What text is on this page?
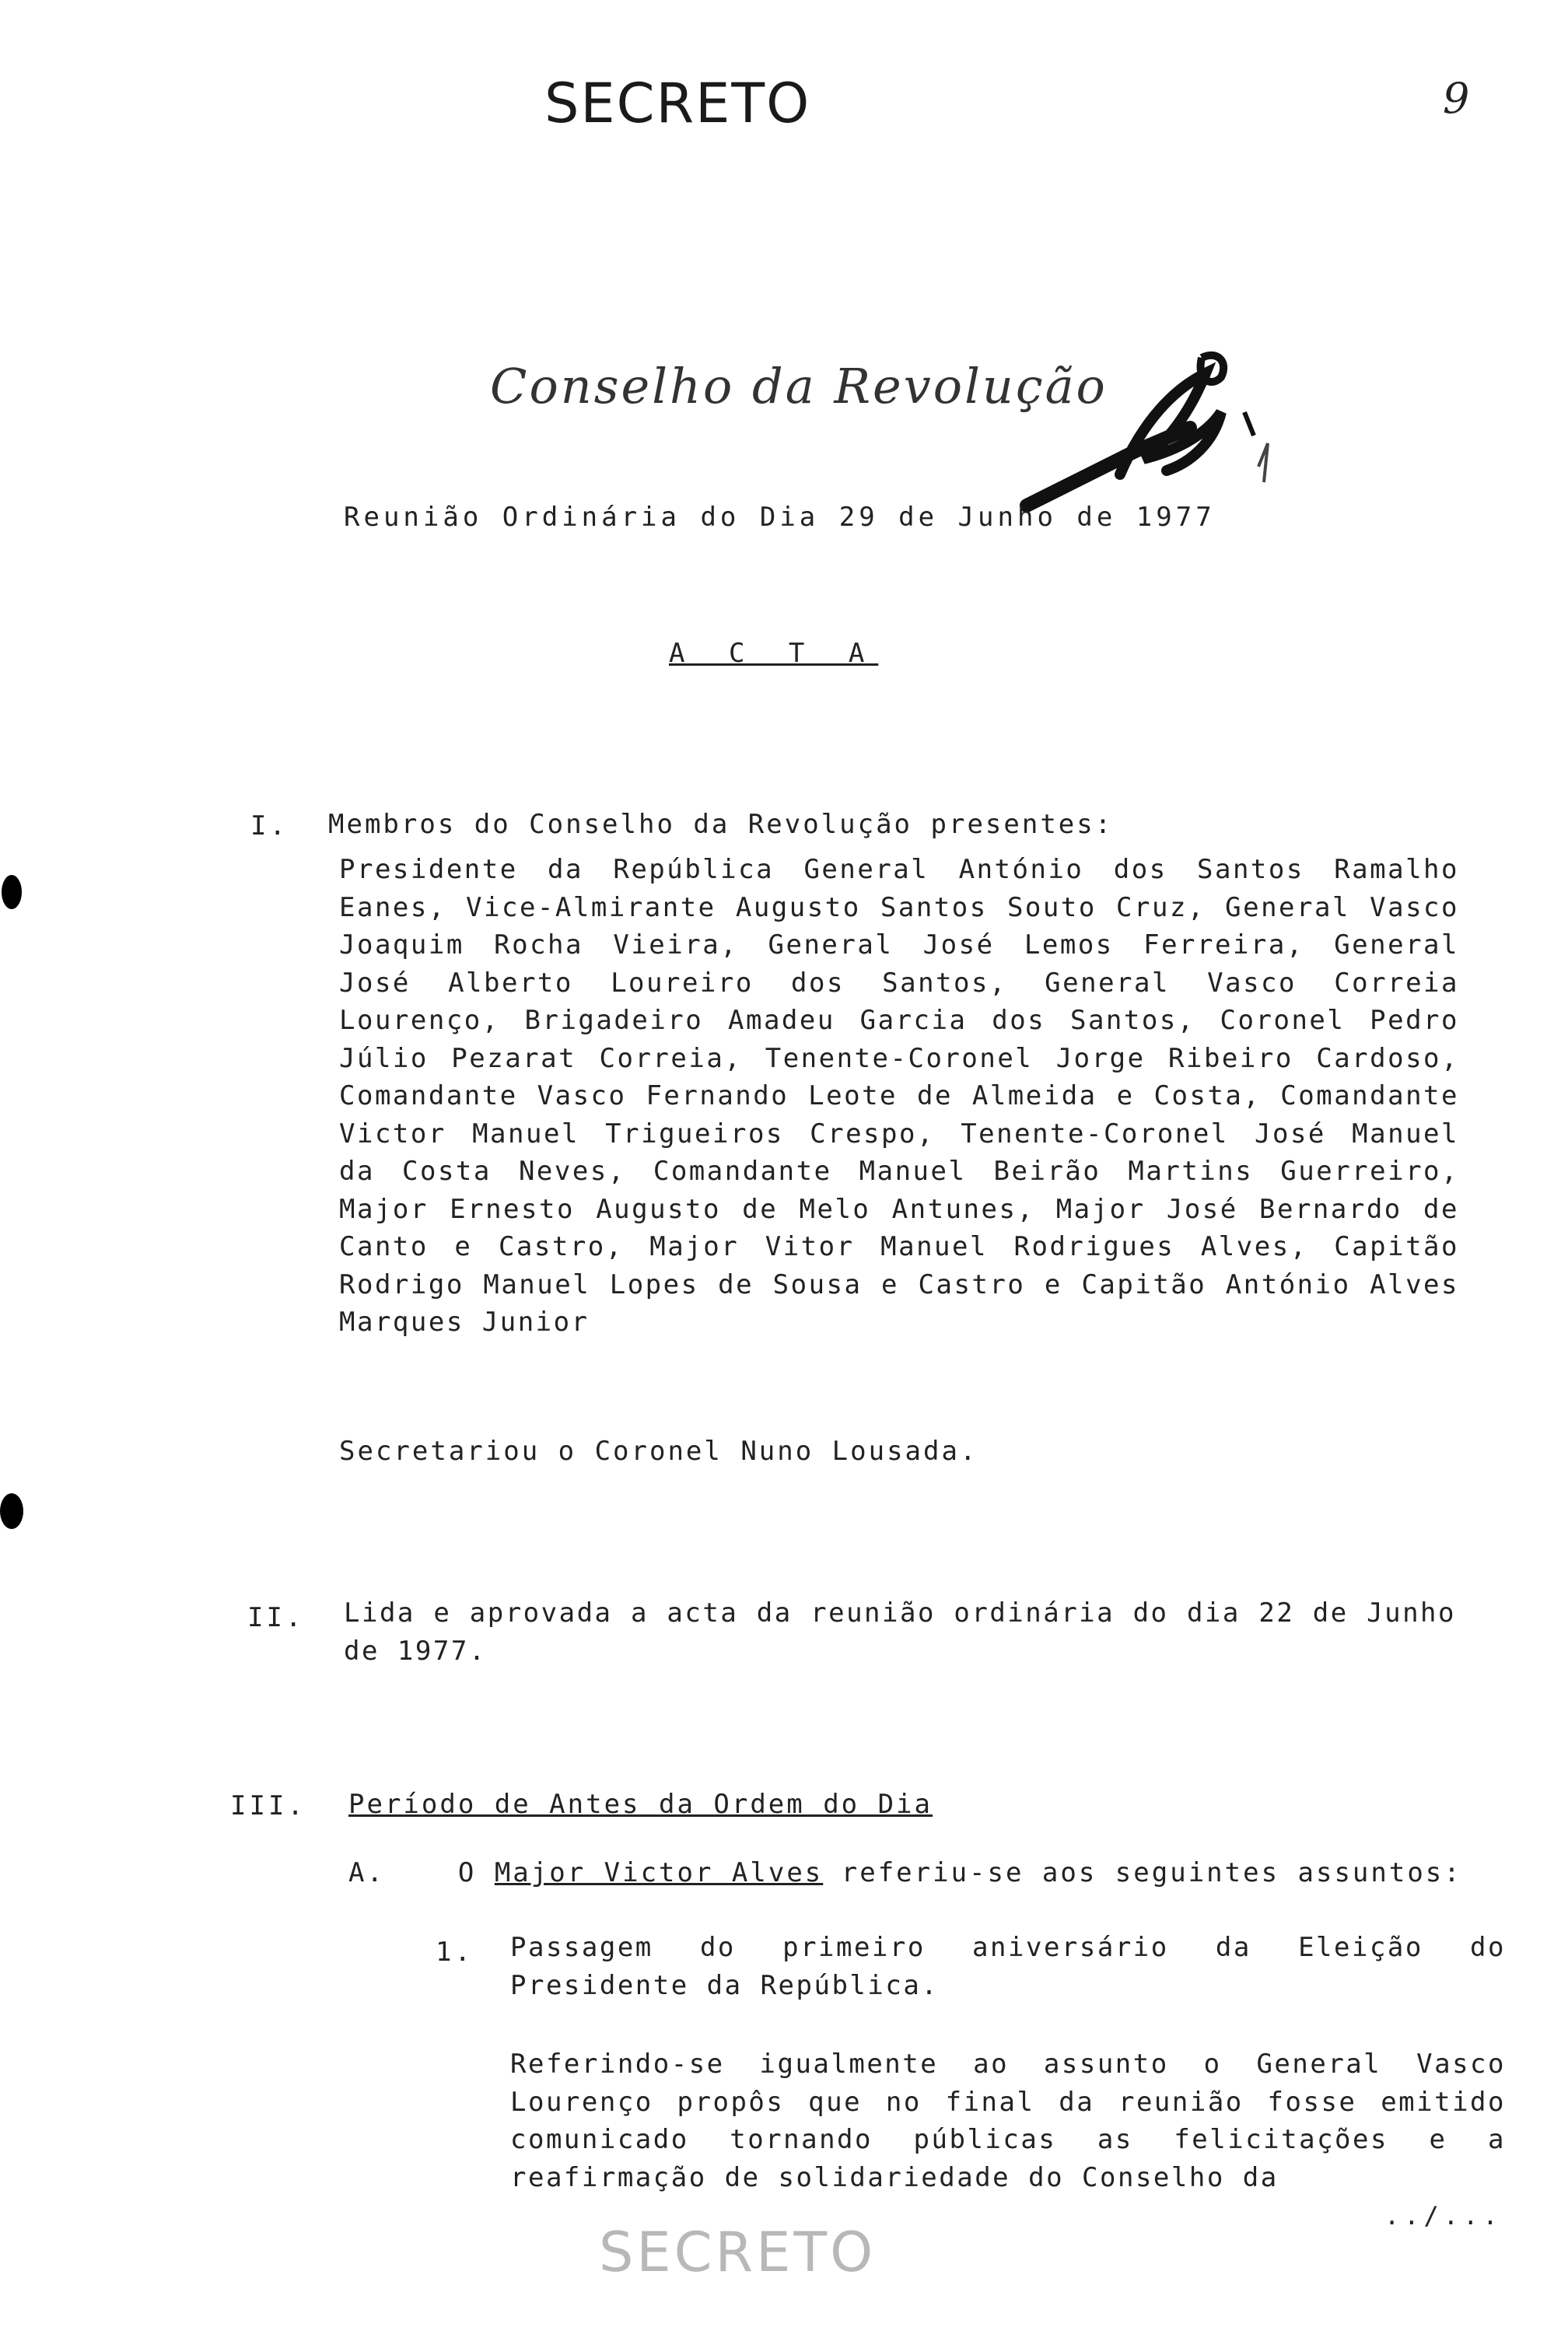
SECRETO	9
Conselho da Revolução
Reunião Ordinária do Dia 29 de Junho de 1977
A C T A
I. Membros do Conselho da Revolução presentes:
Presidente da República General António dos Santos Ramalho Eanes, Vice-Almirante Augusto Santos Souto Cruz, General Vasco Joaquim Rocha Vieira, General José Lemos Ferreira, General José Alberto Loureiro dos Santos, General Vasco Correia Lourenço, Brigadeiro Amadeu Garcia dos Santos, Coronel Pedro Júlio Pezarat Correia, Tenente-Coronel Jorge Ribeiro Cardoso, Comandante Vasco Fernando Leote de Almeida e Costa, Comandante Victor Manuel Trigueiros Crespo, Tenente-Coronel José Manuel da Costa Neves, Comandante Manuel Beirão Martins Guerreiro, Major Ernesto Augusto de Melo Antunes, Major José Bernardo de Canto e Castro, Major Vitor Manuel Rodrigues Alves, Capitão Rodrigo Manuel Lopes de Sousa e Castro e Capitão António Alves Marques Junior
Secretariou o Coronel Nuno Lousada.
II. Lida e aprovada a acta da reunião ordinária do dia 22 de Junho de 1977.
III. Período de Antes da Ordem do Dia
A.	O Major Victor Alves referiu-se aos seguintes assuntos:
1. Passagem do primeiro aniversário da Eleição do Presidente da República.
Referindo-se igualmente ao assunto o General Vasco Lourenço propôs que no final da reunião fosse emitido comunicado tornando públicas as felicitações e a reafirmação de solidariedade do Conselho da
../...
SECRETO
